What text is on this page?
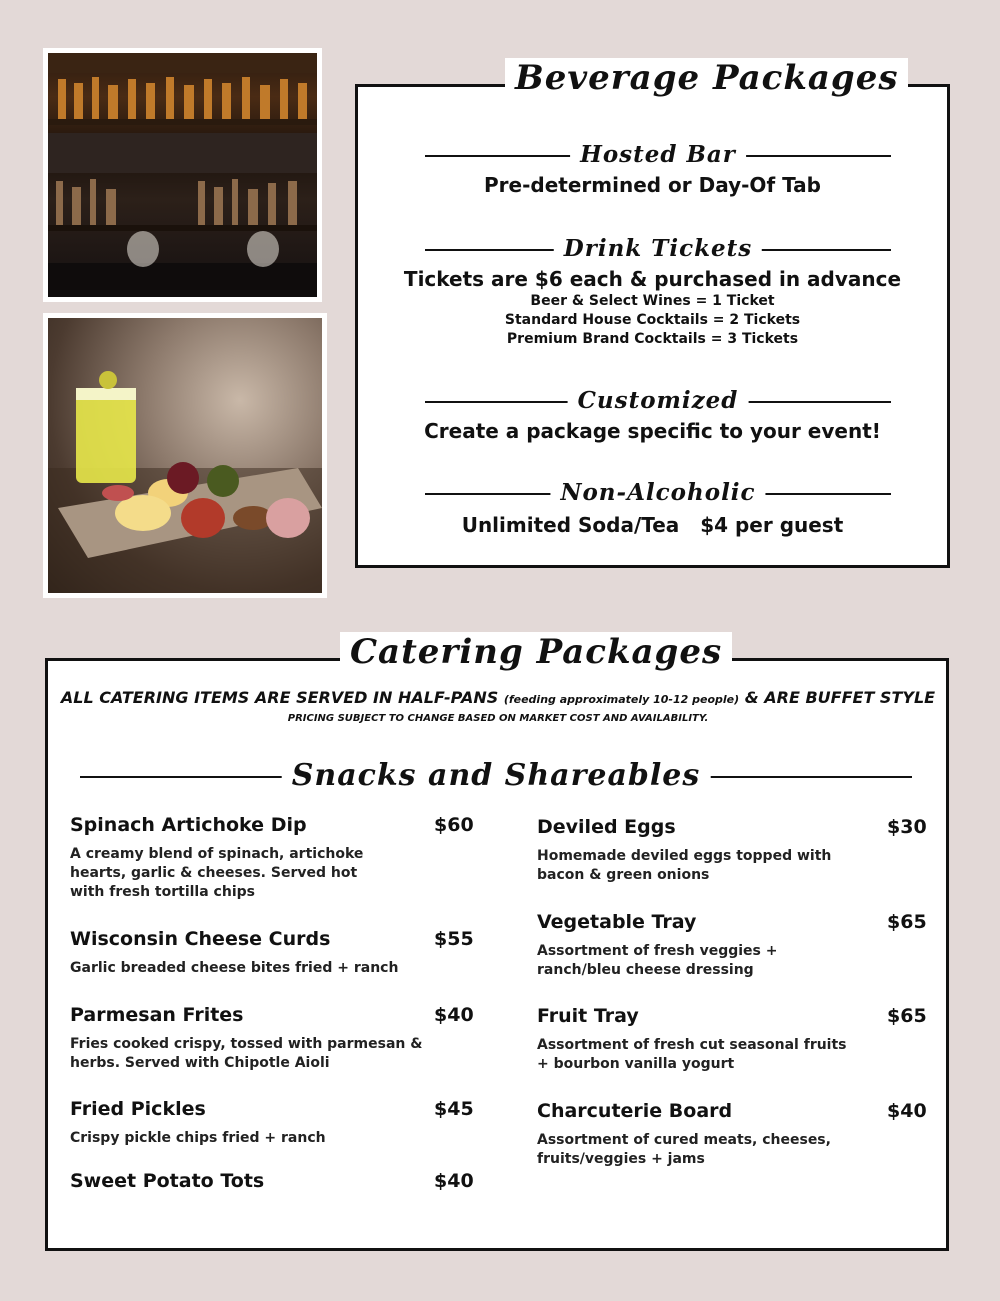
Beverage Packages
Hosted Bar
Pre-determined or Day-Of Tab
Drink Tickets
Tickets are $6 each & purchased in advance
Beer & Select Wines = 1 Ticket
Standard House Cocktails = 2 Tickets
Premium Brand Cocktails = 3 Tickets
Customized
Create a package specific to your event!
Non-Alcoholic
Unlimited Soda/Tea   $4 per guest
Catering Packages
ALL CATERING ITEMS ARE SERVED IN HALF-PANS (feeding approximately 10-12 people) & ARE BUFFET STYLE
PRICING SUBJECT TO CHANGE BASED ON MARKET COST AND AVAILABILITY.
Snacks and Shareables
Spinach Artichoke Dip	$60
A creamy blend of spinach, artichoke hearts, garlic & cheeses. Served hot with fresh tortilla chips
Wisconsin Cheese Curds	$55
Garlic breaded cheese bites fried + ranch
Parmesan Frites	$40
Fries cooked crispy, tossed with parmesan & herbs. Served with Chipotle Aioli
Fried Pickles	$45
Crispy pickle chips fried + ranch
Sweet Potato Tots	$40
Deviled Eggs	$30
Homemade deviled eggs topped with bacon & green onions
Vegetable Tray	$65
Assortment of fresh veggies + ranch/bleu cheese dressing
Fruit Tray	$65
Assortment of fresh cut seasonal fruits + bourbon vanilla yogurt
Charcuterie Board	$40
Assortment of cured meats, cheeses, fruits/veggies + jams
